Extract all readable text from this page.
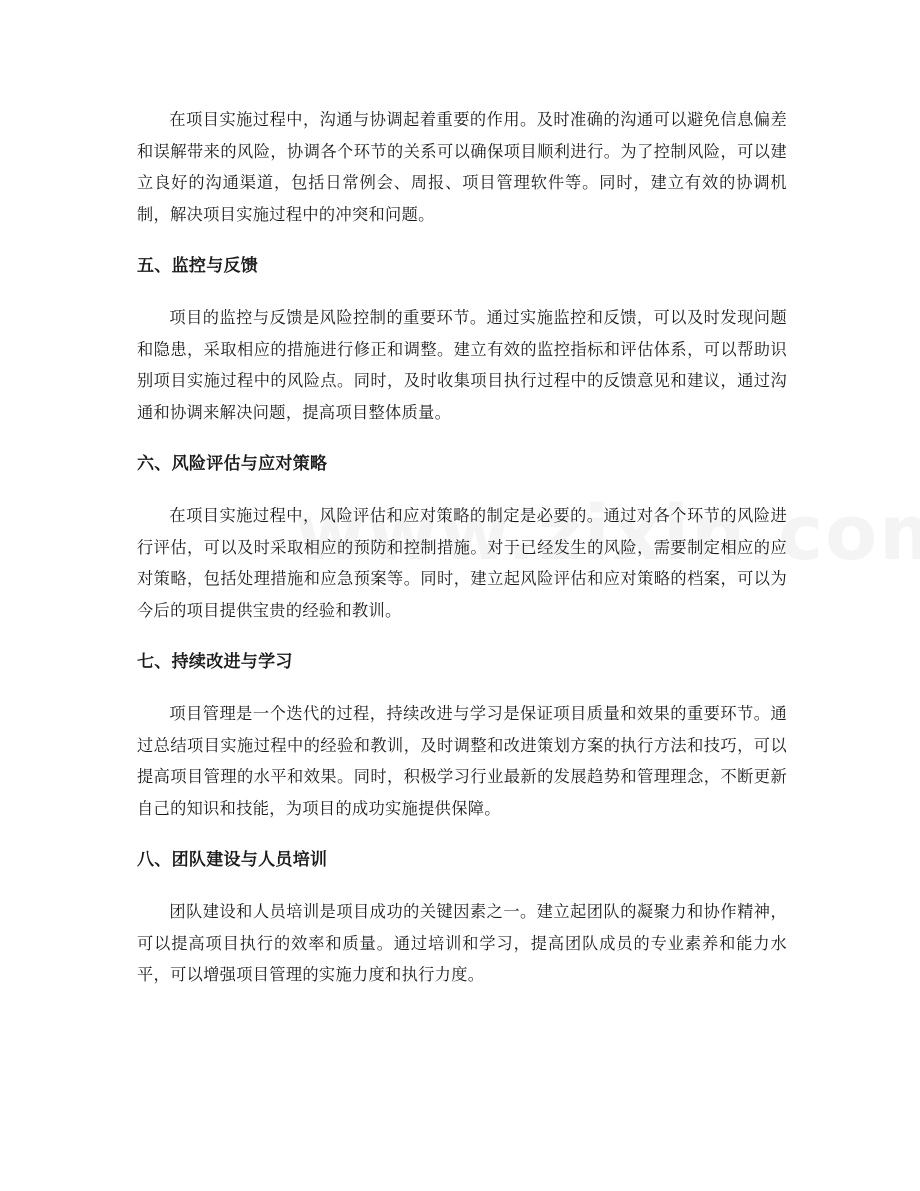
在项目实施过程中，沟通与协调起着重要的作用。及时准确的沟通可以避免信息偏差和误解带来的风险，协调各个环节的关系可以确保项目顺利进行。为了控制风险，可以建立良好的沟通渠道，包括日常例会、周报、项目管理软件等。同时，建立有效的协调机制，解决项目实施过程中的冲突和问题。

五、监控与反馈

项目的监控与反馈是风险控制的重要环节。通过实施监控和反馈，可以及时发现问题和隐患，采取相应的措施进行修正和调整。建立有效的监控指标和评估体系，可以帮助识别项目实施过程中的风险点。同时，及时收集项目执行过程中的反馈意见和建议，通过沟通和协调来解决问题，提高项目整体质量。

六、风险评估与应对策略

在项目实施过程中，风险评估和应对策略的制定是必要的。通过对各个环节的风险进行评估，可以及时采取相应的预防和控制措施。对于已经发生的风险，需要制定相应的应对策略，包括处理措施和应急预案等。同时，建立起风险评估和应对策略的档案，可以为今后的项目提供宝贵的经验和教训。

七、持续改进与学习

项目管理是一个迭代的过程，持续改进与学习是保证项目质量和效果的重要环节。通过总结项目实施过程中的经验和教训，及时调整和改进策划方案的执行方法和技巧，可以提高项目管理的水平和效果。同时，积极学习行业最新的发展趋势和管理理念，不断更新自己的知识和技能，为项目的成功实施提供保障。

八、团队建设与人员培训

团队建设和人员培训是项目成功的关键因素之一。建立起团队的凝聚力和协作精神，可以提高项目执行的效率和质量。通过培训和学习，提高团队成员的专业素养和能力水平，可以增强项目管理的实施力度和执行力度。
